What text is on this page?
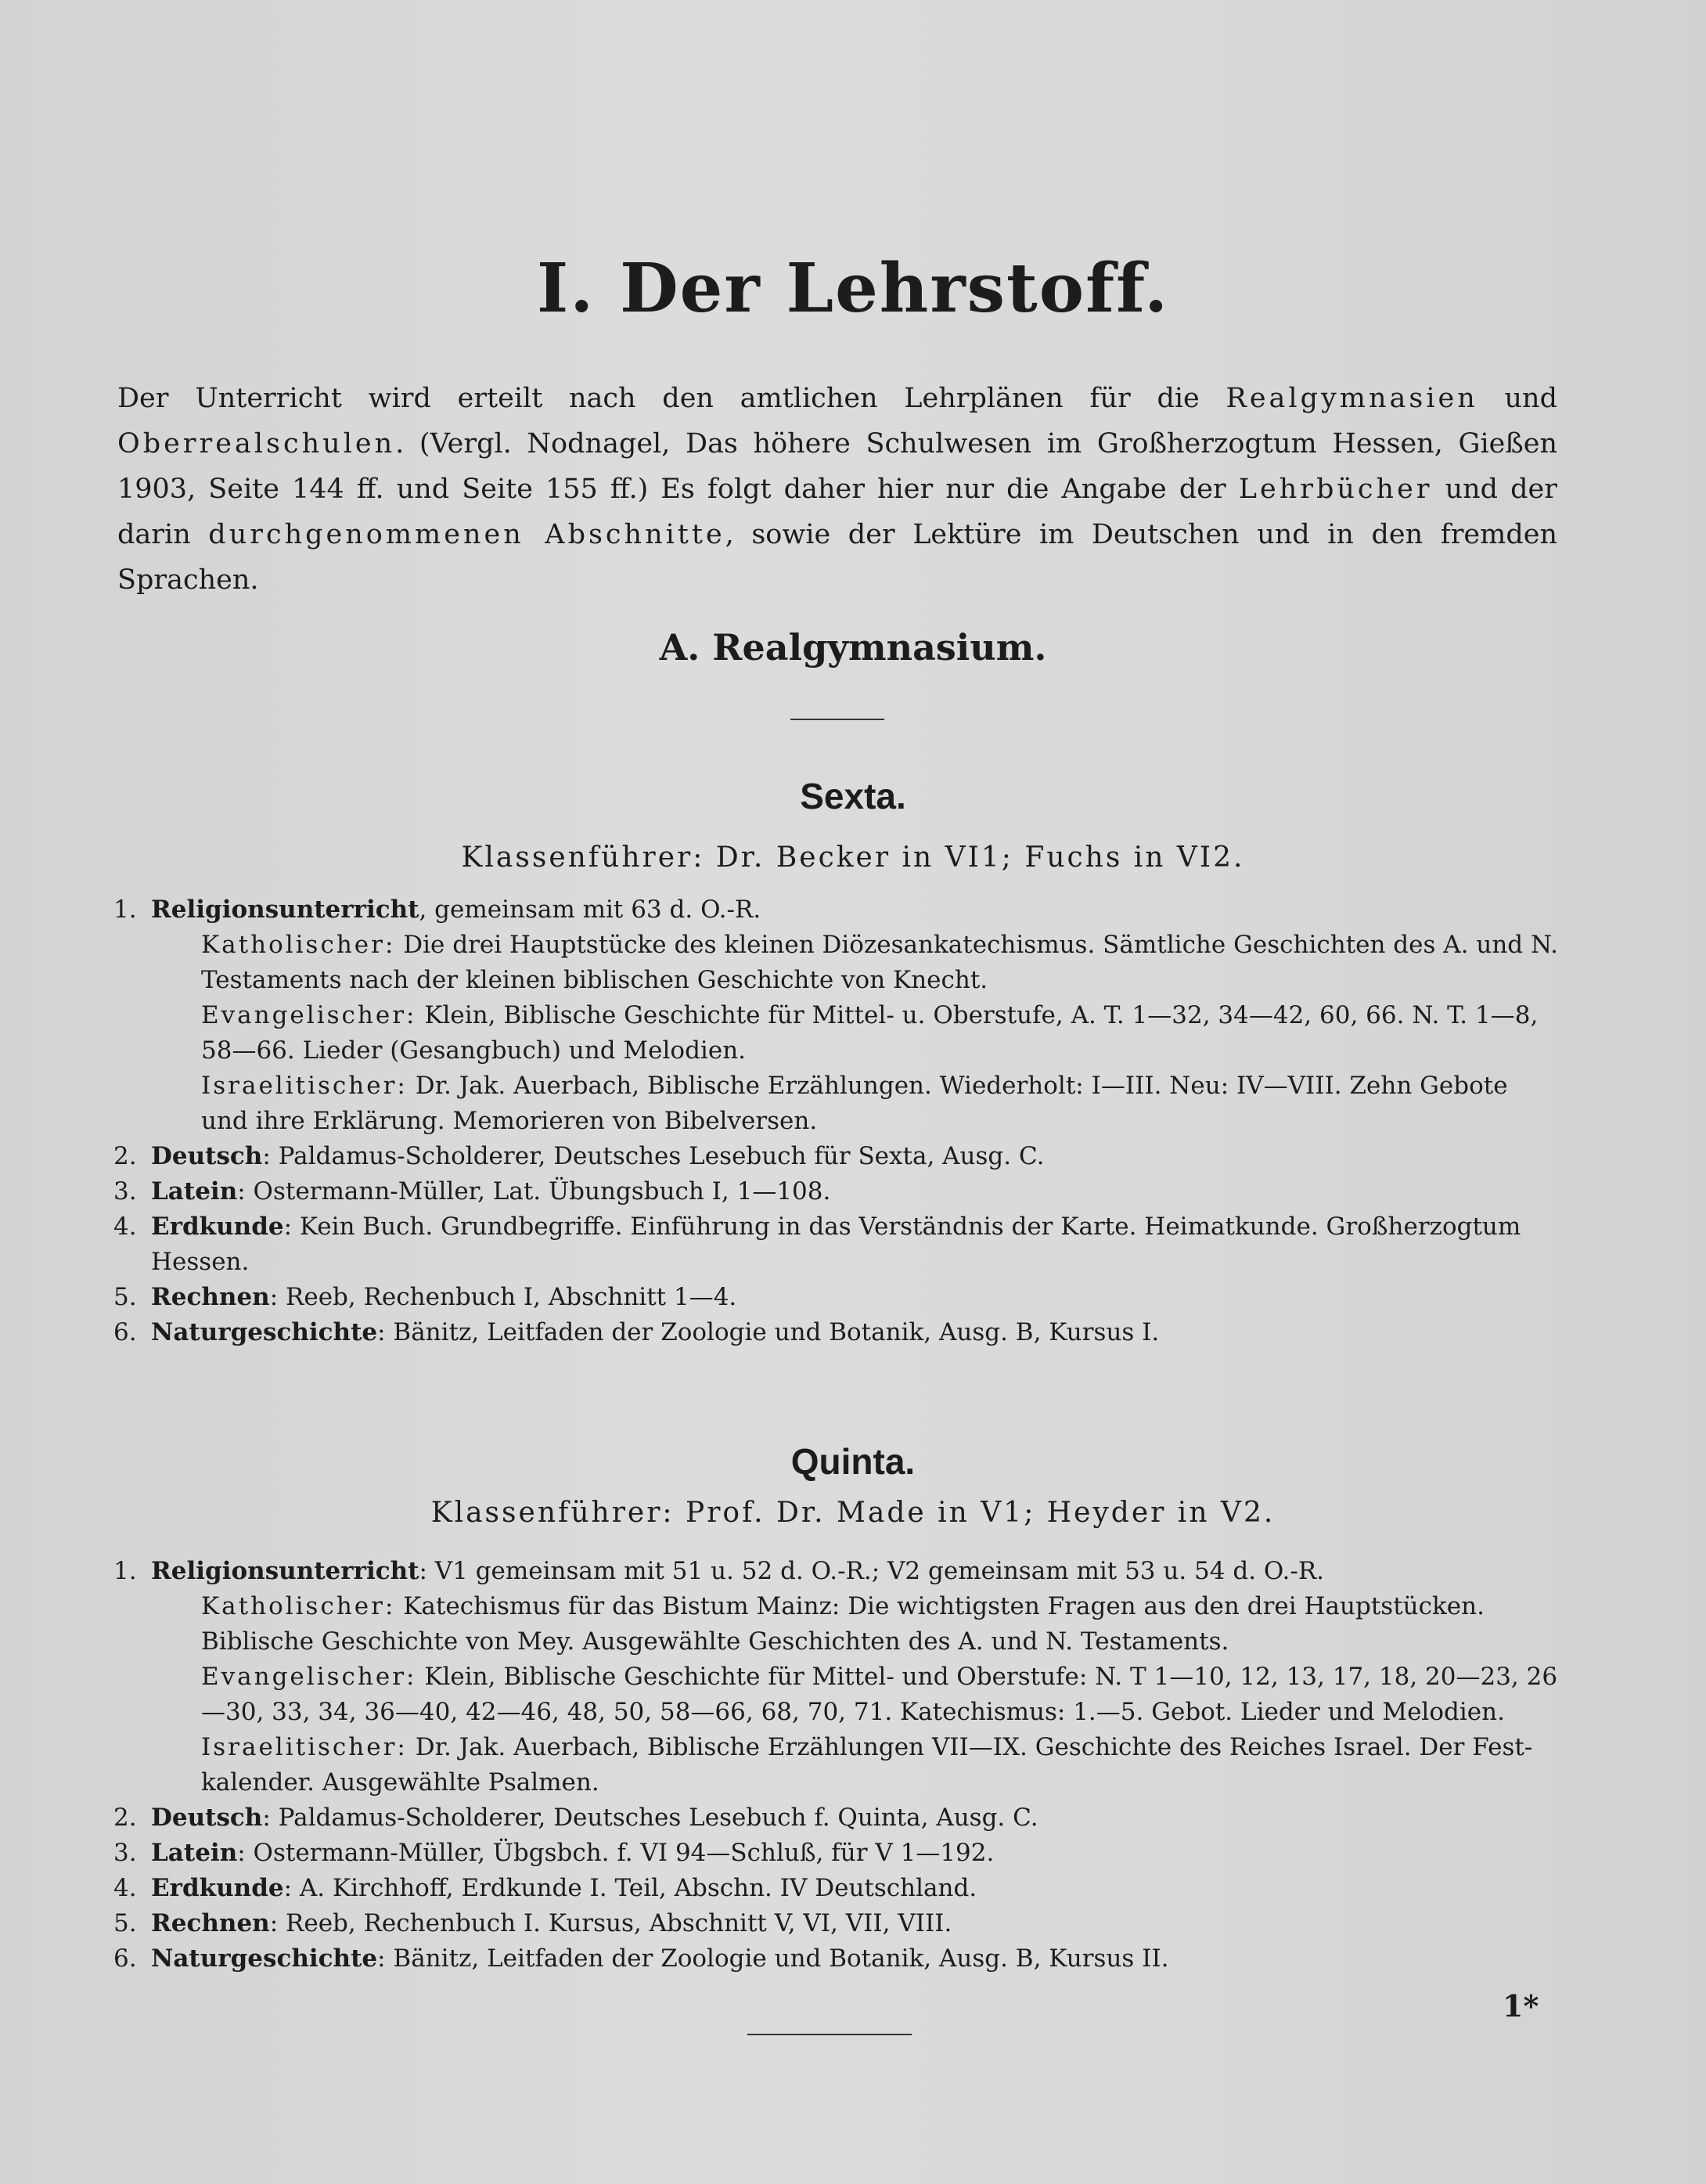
I. Der Lehrstoff.
Der Unterricht wird erteilt nach den amtlichen Lehrplänen für die Realgymnasien und Oberrealschulen. (Vergl. Nodnagel, Das höhere Schulwesen im Großherzogtum Hessen, Gießen 1903, Seite 144 ff. und Seite 155 ff.) Es folgt daher hier nur die Angabe der Lehrbücher und der darin durchgenommenen Abschnitte, sowie der Lektüre im Deutschen und in den fremden Sprachen.
A. Realgymnasium.
Sexta.
Klassenführer: Dr. Becker in VI1; Fuchs in VI2.
1. Religionsunterricht, gemeinsam mit 63 d. O.-R.
Katholischer: Die drei Hauptstücke des kleinen Diözesankatechismus. Sämtliche Geschichten des A. und N. Testaments nach der kleinen biblischen Geschichte von Knecht.
Evangelischer: Klein, Biblische Geschichte für Mittel- u. Oberstufe, A. T. 1—32, 34—42, 60, 66. N. T. 1—8, 58—66. Lieder (Gesangbuch) und Melodien.
Israelitischer: Dr. Jak. Auerbach, Biblische Erzählungen. Wiederholt: I—III. Neu: IV—VIII. Zehn Gebote und ihre Erklärung. Memorieren von Bibelversen.
2. Deutsch: Paldamus-Scholderer, Deutsches Lesebuch für Sexta, Ausg. C.
3. Latein: Ostermann-Müller, Lat. Übungsbuch I, 1—108.
4. Erdkunde: Kein Buch. Grundbegriffe. Einführung in das Verständnis der Karte. Heimatkunde. Großherzogtum Hessen.
5. Rechnen: Reeb, Rechenbuch I, Abschnitt 1—4.
6. Naturgeschichte: Bänitz, Leitfaden der Zoologie und Botanik, Ausg. B, Kursus I.
Quinta.
Klassenführer: Prof. Dr. Made in V1; Heyder in V2.
1. Religionsunterricht: V1 gemeinsam mit 51 u. 52 d. O.-R.; V2 gemeinsam mit 53 u. 54 d. O.-R.
Katholischer: Katechismus für das Bistum Mainz: Die wichtigsten Fragen aus den drei Hauptstücken. Biblische Geschichte von Mey. Ausgewählte Geschichten des A. und N. Testaments.
Evangelischer: Klein, Biblische Geschichte für Mittel- und Oberstufe: N. T 1—10, 12, 13, 17, 18, 20—23, 26—30, 33, 34, 36—40, 42—46, 48, 50, 58—66, 68, 70, 71. Katechismus: 1.—5. Gebot. Lieder und Melodien.
Israelitischer: Dr. Jak. Auerbach, Biblische Erzählungen VII—IX. Geschichte des Reiches Israel. Der Fest-kalender. Ausgewählte Psalmen.
2. Deutsch: Paldamus-Scholderer, Deutsches Lesebuch f. Quinta, Ausg. C.
3. Latein: Ostermann-Müller, Übgsbch. f. VI 94—Schluß, für V 1—192.
4. Erdkunde: A. Kirchhoff, Erdkunde I. Teil, Abschn. IV Deutschland.
5. Rechnen: Reeb, Rechenbuch I. Kursus, Abschnitt V, VI, VII, VIII.
6. Naturgeschichte: Bänitz, Leitfaden der Zoologie und Botanik, Ausg. B, Kursus II.
1*
